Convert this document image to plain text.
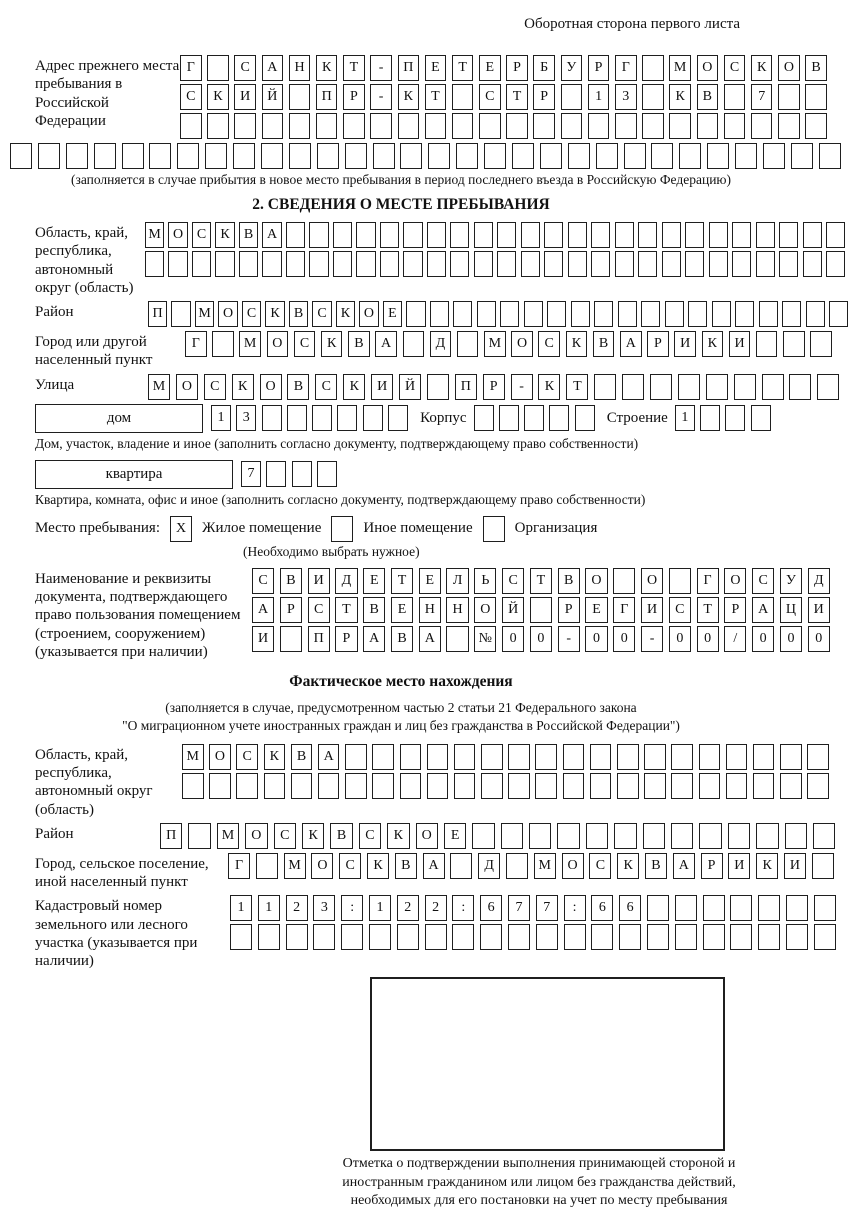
Оборотная сторона первого листа
Адрес прежнего места пребывания в Российской Федерации
Г	С	А	Н	К	Т	-	П	Е	Т	Е	Р	Б	У	Р	Г	М	О	С	К	О	В
С	К	И	Й	П	Р	-	К	Т	С	Т	Р	1	3	К	В	7
(заполняется в случае прибытия в новое место пребывания в период последнего въезда в Российскую Федерацию)
2. СВЕДЕНИЯ О МЕСТЕ ПРЕБЫВАНИЯ
Область, край, республика, автономный округ (область)
М О С	К	В А
Район	П	М О С	К	В	С	К О	Е
Город или другой населенный пункт
Г	М	О	С	К	В	А	Д	М	О	С	К	В	А	Р	И	К	И
Улица	М	О	С	К	О	В	С	К	И	Й	П	Р	-	К	Т
дом	1	3	Корпус	Строение 1
Дом, участок, владение и иное (заполнить согласно документу, подтверждающему право собственности)
квартира	7
Квартира, комната, офис и иное (заполнить согласно документу, подтверждающему право собственности)
Место пребывания:	X	Жилое помещение	Иное помещение	Организация
(Необходимо выбрать нужное)
Наименование и реквизиты документа, подтверждающего право пользования помещением (строением, сооружением) (указывается при наличии)
С	В	И	Д	Е	Т	Е	Л	Ь	С	Т	В	О	О	Г	О	С	У	Д
А	Р	С	Т	В	Е	Н	Н	О	Й	Р	Е	Г	И	С	Т	Р	А	Ц	И
И	П	Р	А	В	А	№	0	0	-	0	0	-	0	0	/	0	0	0
Фактическое место нахождения
(заполняется в случае, предусмотренном частью 2 статьи 21 Федерального закона
"О миграционном учете иностранных граждан и лиц без гражданства в Российской Федерации")
Область, край, республика, автономный округ (область)
М	О	С	К	В	А
Район	П	М	О	С	К	В	С	К	О	Е
Город, сельское поселение, иной населенный пункт
Г	М	О	С	К	В	А	Д	М	О	С	К	В	А	Р	И	К	И
Кадастровый номер земельного или лесного участка (указывается при наличии)
1	1	2	3	:	1	2	2	:	6	7	7	:	6	6
Отметка о подтверждении выполнения принимающей стороной и иностранным гражданином или лицом без гражданства действий, необходимых для его постановки на учет по месту пребывания
